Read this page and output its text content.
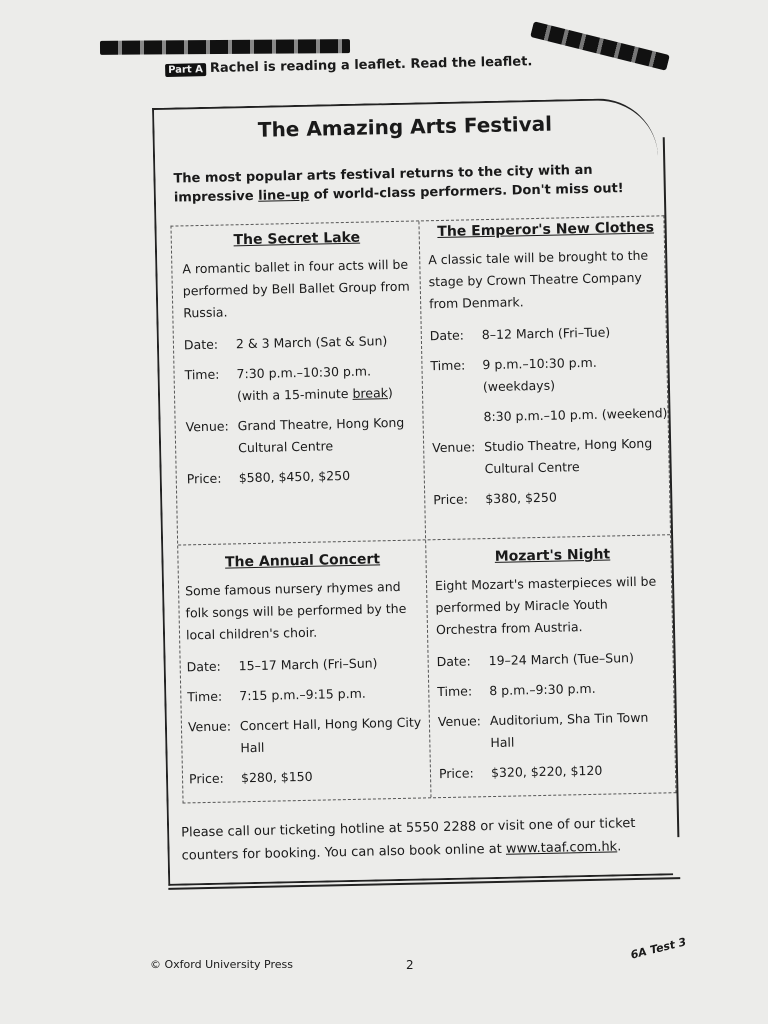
Part A Rachel is reading a leaflet. Read the leaflet.
The Amazing Arts Festival
The most popular arts festival returns to the city with an impressive line-up of world-class performers. Don't miss out!
The Secret Lake
A romantic ballet in four acts will be performed by Bell Ballet Group from Russia.
Date:	2 & 3 March (Sat & Sun)
Time:	7:30 p.m.–10:30 p.m.
(with a 15-minute break)
Venue: Grand Theatre, Hong Kong Cultural Centre
Price:	$580, $450, $250
The Emperor's New Clothes
A classic tale will be brought to the stage by Crown Theatre Company from Denmark.
Date:	8–12 March (Fri–Tue)
Time:	9 p.m.–10:30 p.m. (weekdays)
8:30 p.m.–10 p.m. (weekend)
Venue: Studio Theatre, Hong Kong Cultural Centre
Price:	$380, $250
The Annual Concert
Some famous nursery rhymes and folk songs will be performed by the local children's choir.
Date:	15–17 March (Fri–Sun)
Time:	7:15 p.m.–9:15 p.m.
Venue: Concert Hall, Hong Kong City Hall
Price:	$280, $150
Mozart's Night
Eight Mozart's masterpieces will be performed by Miracle Youth Orchestra from Austria.
Date:	19–24 March (Tue–Sun)
Time:	8 p.m.–9:30 p.m.
Venue: Auditorium, Sha Tin Town Hall
Price:	$320, $220, $120
Please call our ticketing hotline at 5550 2288 or visit one of our ticket counters for booking. You can also book online at www.taaf.com.hk.
© Oxford University Press	2
6A Test 3
